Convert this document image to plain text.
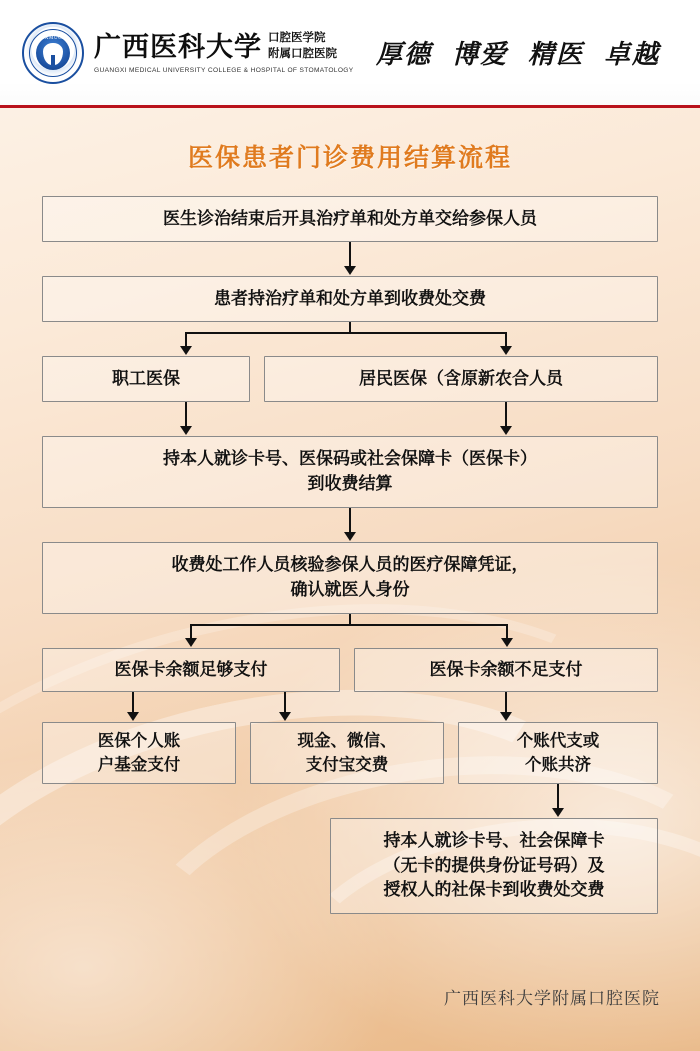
GXMUCS	广西医科大学 口腔医学院
附属口腔医院
GUANGXI MEDICAL UNIVERSITY COLLEGE & HOSPITAL OF STOMATOLOGY
厚德 博爱 精医 卓越
医保患者门诊费用结算流程
医生诊治结束后开具治疗单和处方单交给参保人员
患者持治疗单和处方单到收费处交费
职工医保	居民医保（含原新农合人员
持本人就诊卡号、医保码或社会保障卡（医保卡）
到收费结算
收费处工作人员核验参保人员的医疗保障凭证，
确认就医人身份
医保卡余额足够支付	医保卡余额不足支付
医保个人账
户基金支付
现金、微信、
支付宝交费
个账代支或
个账共济
持本人就诊卡号、社会保障卡
（无卡的提供身份证号码）及
授权人的社保卡到收费处交费
广西医科大学附属口腔医院
